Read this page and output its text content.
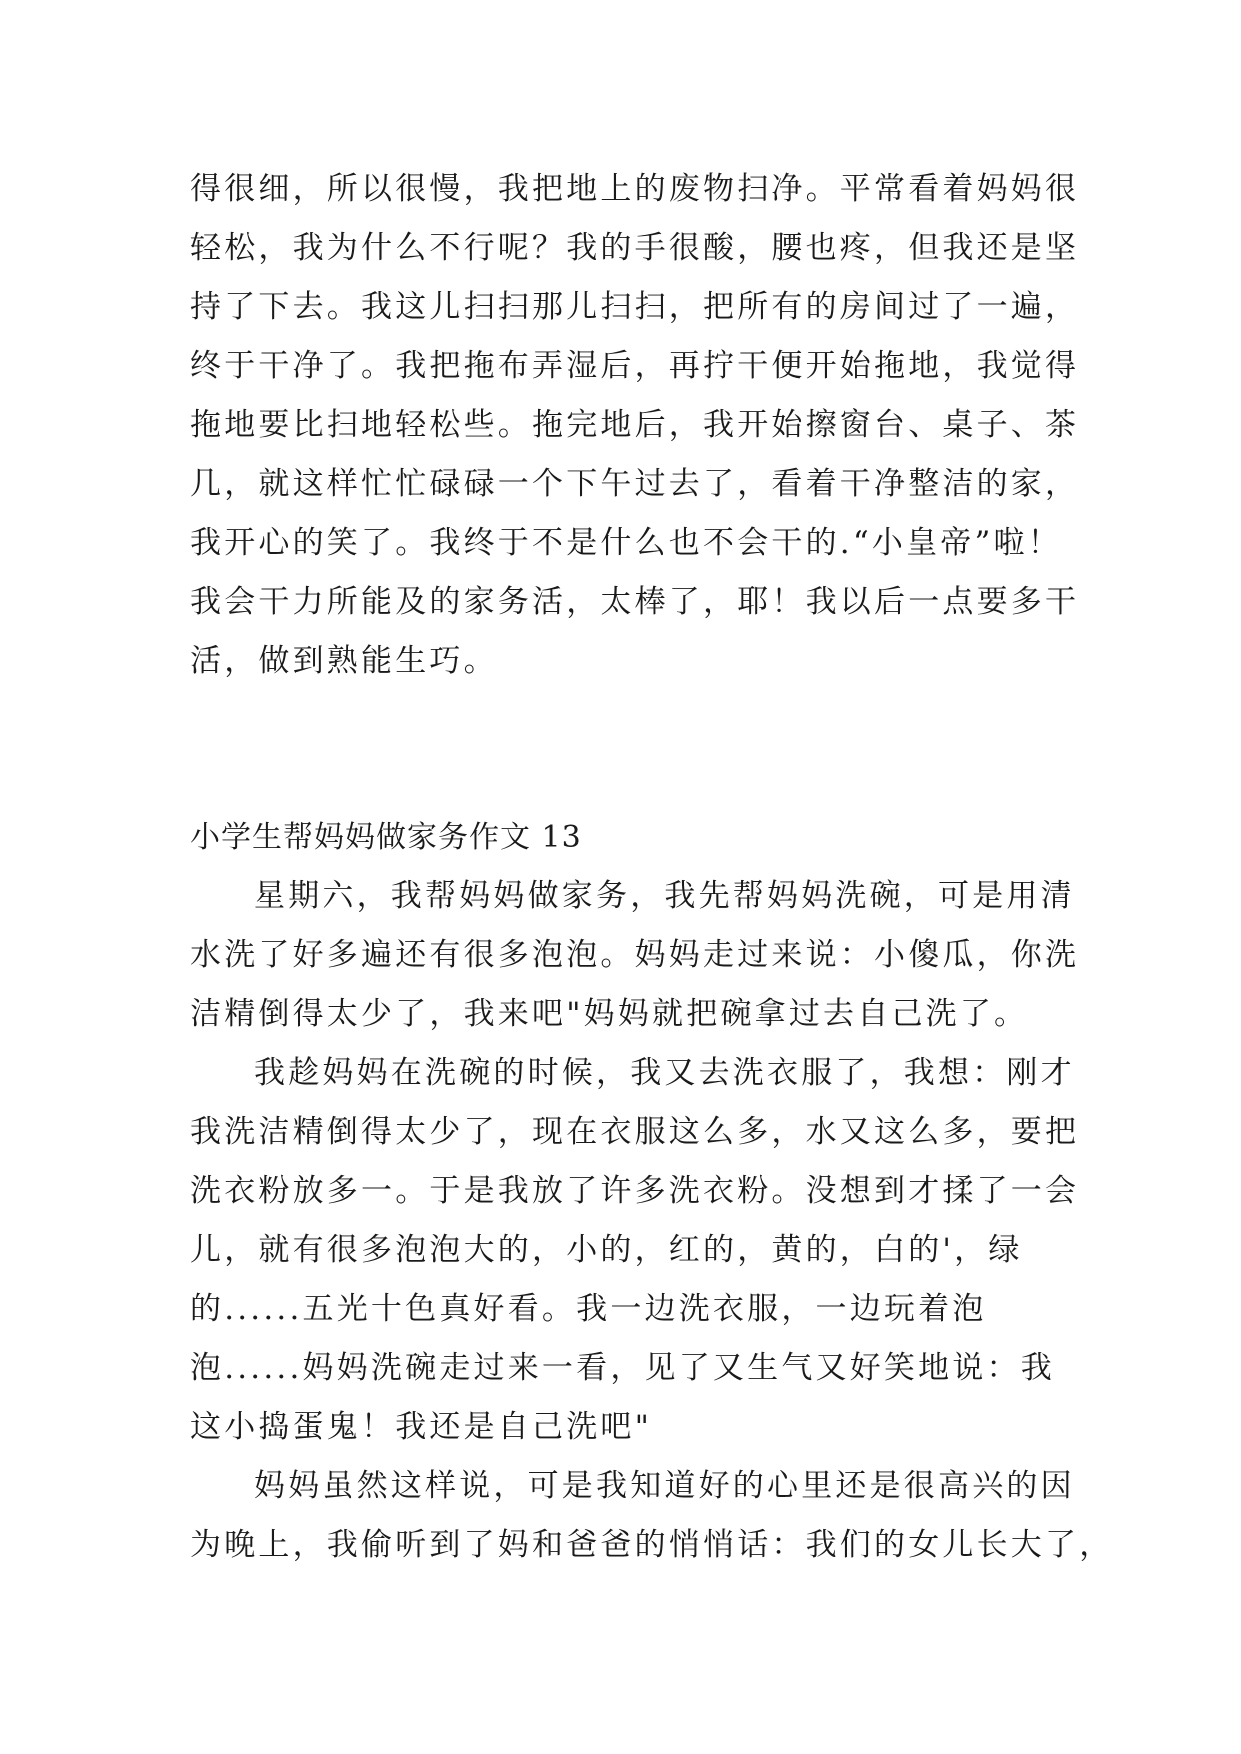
得很细，所以很慢，我把地上的废物扫净。平常看着妈妈很
轻松，我为什么不行呢？我的手很酸，腰也疼，但我还是坚
持了下去。我这儿扫扫那儿扫扫，把所有的房间过了一遍，
终于干净了。我把拖布弄湿后，再拧干便开始拖地，我觉得
拖地要比扫地轻松些。拖完地后，我开始擦窗台、桌子、茶
几，就这样忙忙碌碌一个下午过去了，看着干净整洁的家，
我开心的笑了。我终于不是什么也不会干的.“小皇帝”啦！
我会干力所能及的家务活，太棒了，耶！我以后一点要多干
活，做到熟能生巧。
小学生帮妈妈做家务作文 13
星期六，我帮妈妈做家务，我先帮妈妈洗碗，可是用清
水洗了好多遍还有很多泡泡。妈妈走过来说：小傻瓜，你洗
洁精倒得太少了，我来吧"妈妈就把碗拿过去自己洗了。
我趁妈妈在洗碗的时候，我又去洗衣服了，我想：刚才
我洗洁精倒得太少了，现在衣服这么多，水又这么多，要把
洗衣粉放多一。于是我放了许多洗衣粉。没想到才揉了一会
儿，就有很多泡泡大的，小的，红的，黄的，白的'，绿
的......五光十色真好看。我一边洗衣服，一边玩着泡
泡......妈妈洗碗走过来一看，见了又生气又好笑地说：我
这小捣蛋鬼！我还是自己洗吧"
妈妈虽然这样说，可是我知道好的心里还是很高兴的因
为晚上，我偷听到了妈和爸爸的悄悄话：我们的女儿长大了，
